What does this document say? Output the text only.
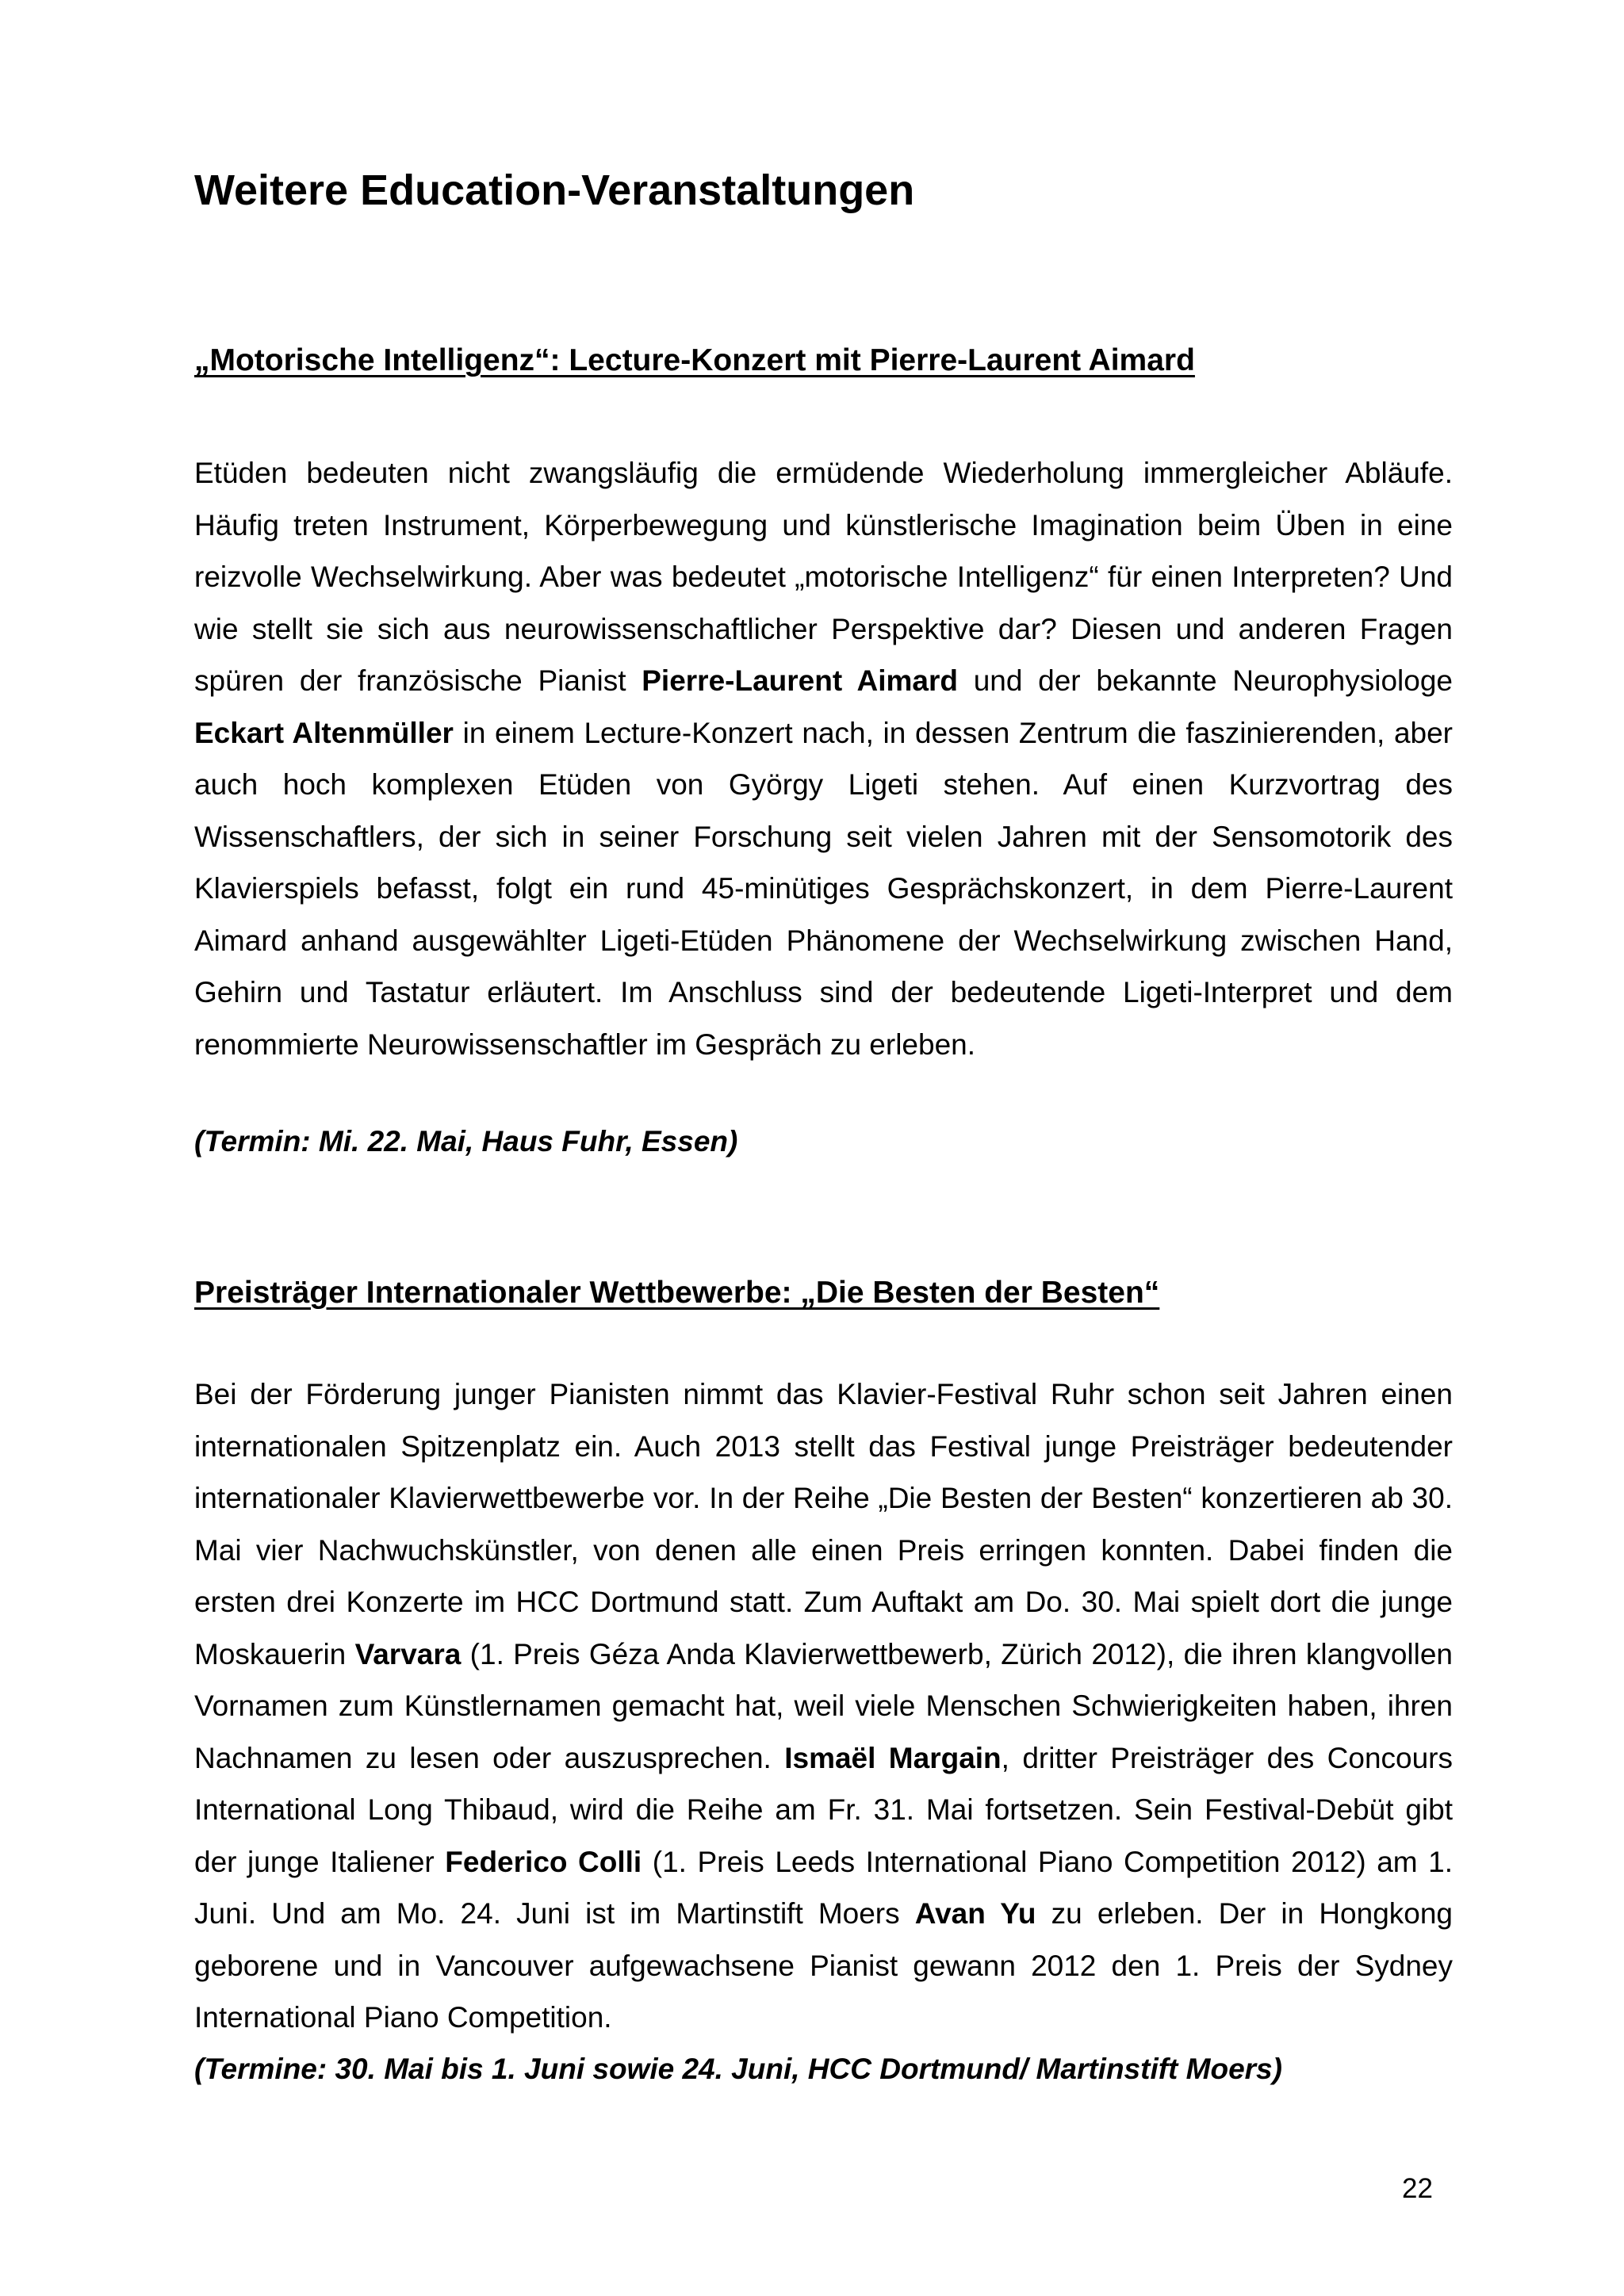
Weitere Education-Veranstaltungen
„Motorische Intelligenz“: Lecture-Konzert mit Pierre-Laurent Aimard

Etüden bedeuten nicht zwangsläufig die ermüdende Wiederholung immergleicher Abläufe. Häufig treten Instrument, Körperbewegung und künstlerische Imagination beim Üben in eine reizvolle Wechselwirkung. Aber was bedeutet „motorische Intelligenz“ für einen Interpreten? Und wie stellt sie sich aus neurowissenschaftlicher Perspektive dar? Diesen und anderen Fragen spüren der französische Pianist Pierre-Laurent Aimard und der bekannte Neurophysiologe Eckart Altenmüller in einem Lecture-Konzert nach, in dessen Zentrum die faszinierenden, aber auch hoch komplexen Etüden von György Ligeti stehen. Auf einen Kurzvortrag des Wissenschaftlers, der sich in seiner Forschung seit vielen Jahren mit der Sensomotorik des Klavierspiels befasst, folgt ein rund 45-minütiges Gesprächskonzert, in dem Pierre-Laurent Aimard anhand ausgewählter Ligeti-Etüden Phänomene der Wechselwirkung zwischen Hand, Gehirn und Tastatur erläutert. Im Anschluss sind der bedeutende Ligeti-Interpret und dem renommierte Neurowissenschaftler im Gespräch zu erleben.

(Termin: Mi. 22. Mai, Haus Fuhr, Essen)

Preisträger Internationaler Wettbewerbe: „Die Besten der Besten“

Bei der Förderung junger Pianisten nimmt das Klavier-Festival Ruhr schon seit Jahren einen internationalen Spitzenplatz ein. Auch 2013 stellt das Festival junge Preisträger bedeutender internationaler Klavierwettbewerbe vor. In der Reihe „Die Besten der Besten“ konzertieren ab 30. Mai vier Nachwuchskünstler, von denen alle einen Preis erringen konnten. Dabei finden die ersten drei Konzerte im HCC Dortmund statt. Zum Auftakt am Do. 30. Mai spielt dort die junge Moskauerin Varvara (1. Preis Géza Anda Klavierwettbewerb, Zürich 2012), die ihren klangvollen Vornamen zum Künstlernamen gemacht hat, weil viele Menschen Schwierigkeiten haben, ihren Nachnamen zu lesen oder auszusprechen. Ismaël Margain, dritter Preisträger des Concours International Long Thibaud, wird die Reihe am Fr. 31. Mai fortsetzen. Sein Festival-Debüt gibt der junge Italiener Federico Colli (1. Preis Leeds International Piano Competition 2012) am 1. Juni. Und am Mo. 24. Juni ist im Martinstift Moers Avan Yu zu erleben. Der in Hongkong geborene und in Vancouver aufgewachsene Pianist gewann 2012 den 1. Preis der Sydney International Piano Competition.

(Termine: 30. Mai bis 1. Juni sowie 24. Juni, HCC Dortmund/ Martinstift Moers)

22
